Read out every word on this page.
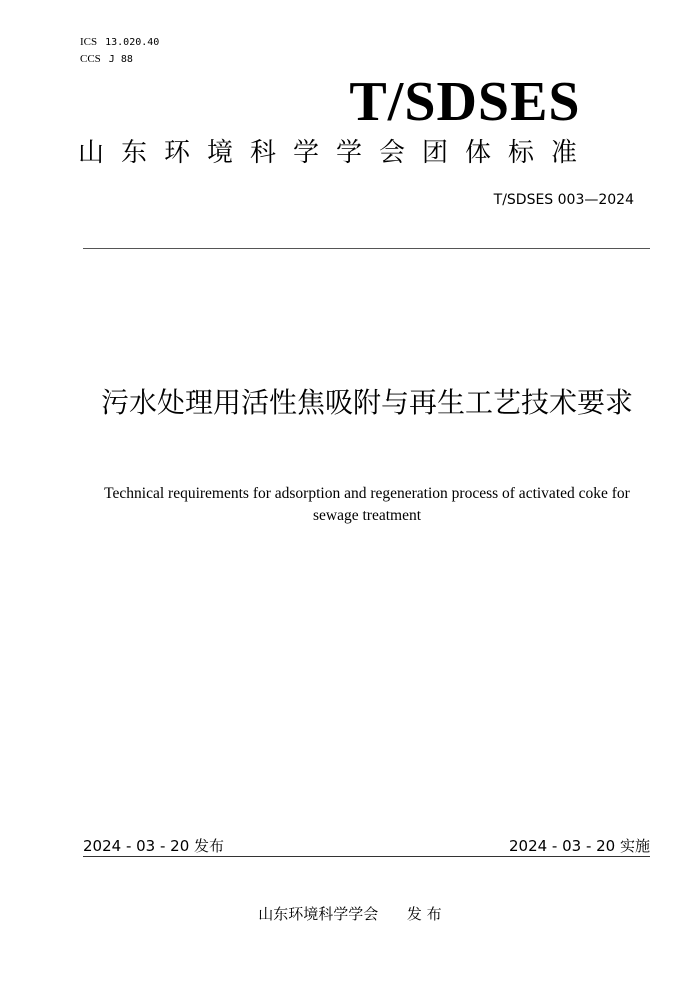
ICS 13.020.40
CCS J 88
T/SDSES
山东环境科学学会团体标准
T/SDSES 003—2024
污水处理用活性焦吸附与再生工艺技术要求
Technical requirements for adsorption and regeneration process of activated coke for sewage treatment
2024 - 03 - 20 发布	2024 - 03 - 20 实施
山东环境科学学会      发 布
